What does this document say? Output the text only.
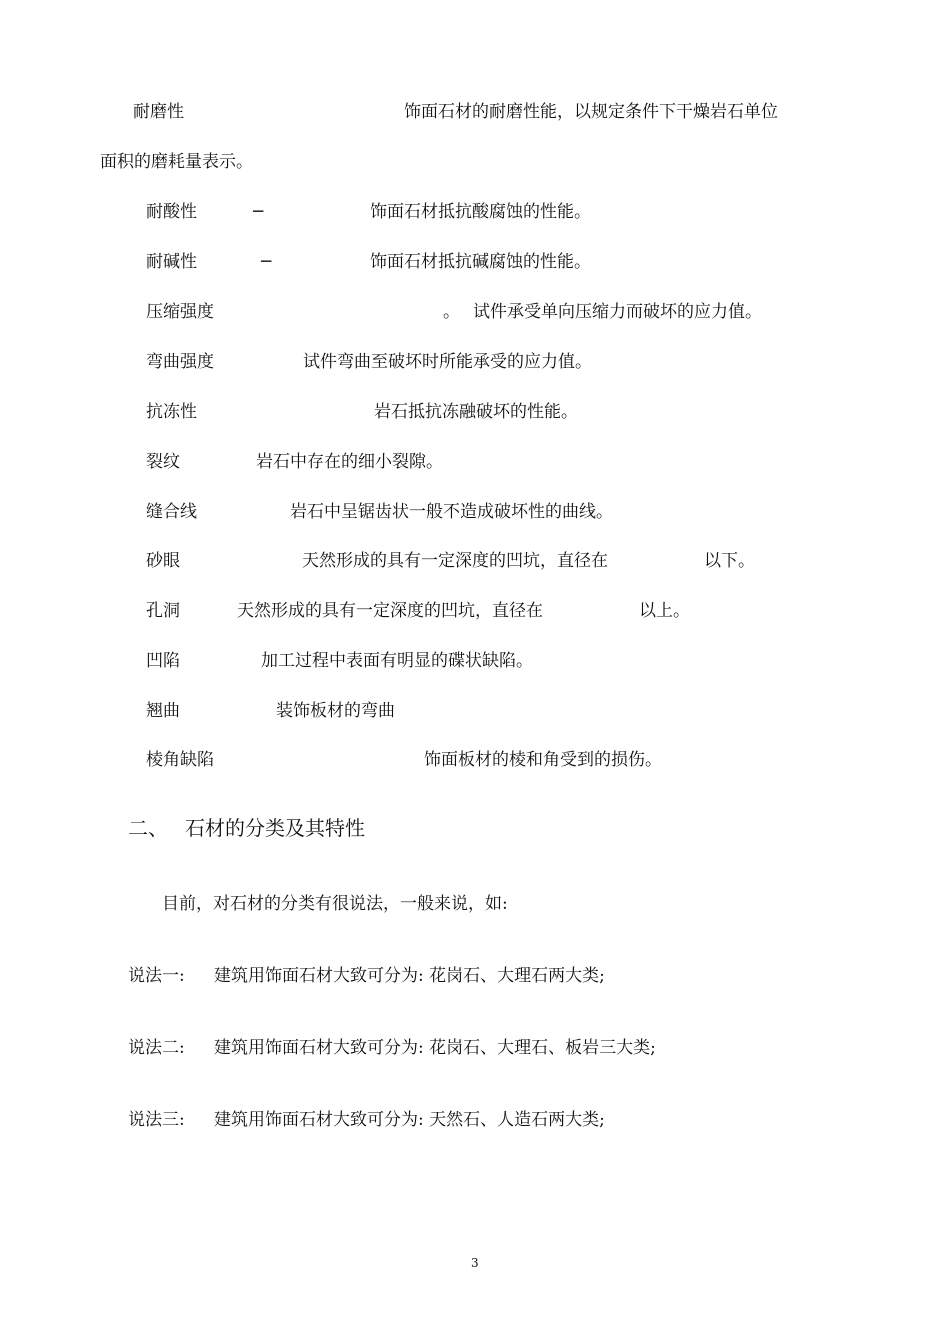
耐磨性	饰面石材的耐磨性能，以规定条件下干燥岩石单位
面积的磨耗量表示。
耐酸性	─	饰面石材抵抗酸腐蚀的性能。
耐碱性	─	饰面石材抵抗碱腐蚀的性能。
压缩强度	。 试件承受单向压缩力而破坏的应力值。
弯曲强度	试件弯曲至破坏时所能承受的应力值。
抗冻性	岩石抵抗冻融破坏的性能。
裂纹	岩石中存在的细小裂隙。
缝合线	岩石中呈锯齿状一般不造成破坏性的曲线。
砂眼	天然形成的具有一定深度的凹坑，直径在	以下。
孔洞	天然形成的具有一定深度的凹坑，直径在	以上。
凹陷	加工过程中表面有明显的碟状缺陷。
翘曲	装饰板材的弯曲
棱角缺陷	饰面板材的棱和角受到的损伤。
二、 石材的分类及其特性
目前，对石材的分类有很说法，一般来说，如:
说法一: 建筑用饰面石材大致可分为: 花岗石、大理石两大类;
说法二: 建筑用饰面石材大致可分为: 花岗石、大理石、板岩三大类;
说法三: 建筑用饰面石材大致可分为: 天然石、人造石两大类;
3
